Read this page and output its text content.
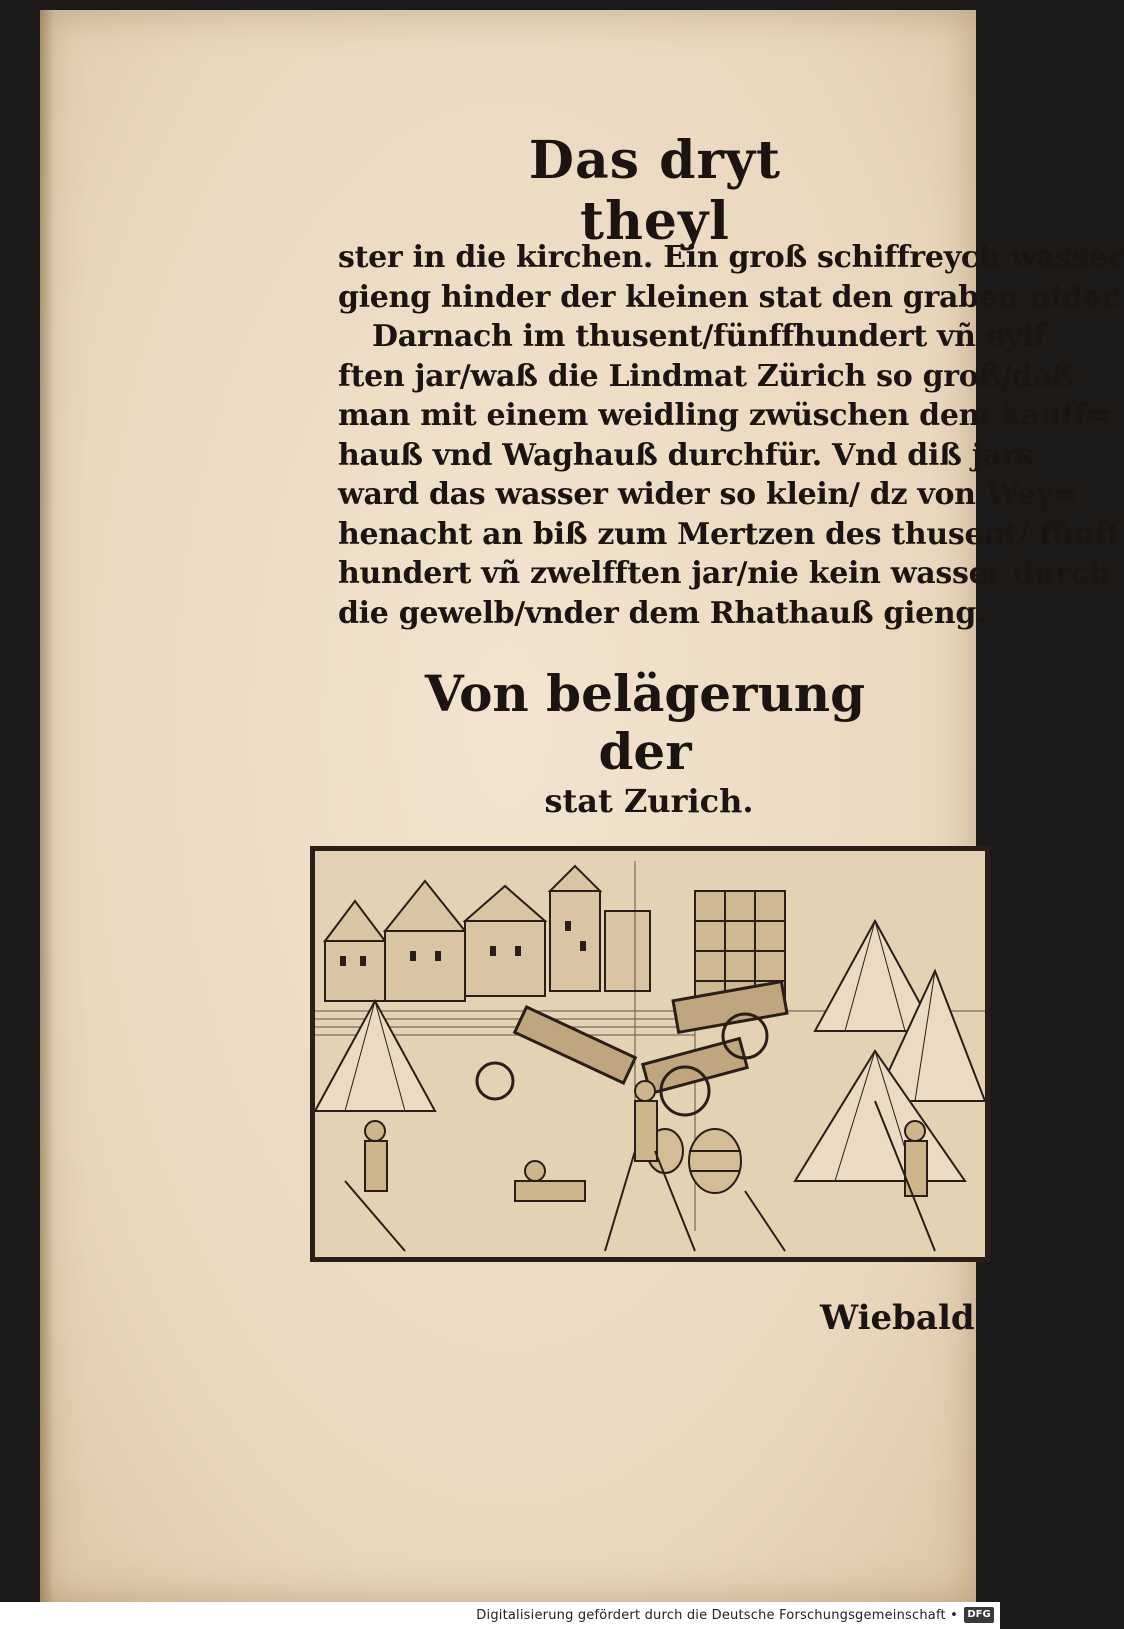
Das dryt theyl
ster in die kirchen. Ein groß schiffreych wasser
gieng hinder der kleinen stat den graben nider.
Darnach im thusent/fünffhundert vñ eylf
ften jar/waß die Lindmat Zürich so groß/daß
man mit einem weidling zwüschen dem kauff=
hauß vnd Waghauß durchfür. Vnd diß jars
ward das wasser wider so klein/ dz von Wey=
henacht an biß zum Mertzen des thusent/ fünff
hundert vñ zwelfften jar/nie kein wasser durch
die gewelb/vnder dem Rhathauß gieng.
Von belägerung der
stat Zurich.
Wiebald
Digitalisierung gefördert durch die Deutsche Forschungsgemeinschaft • DFG
